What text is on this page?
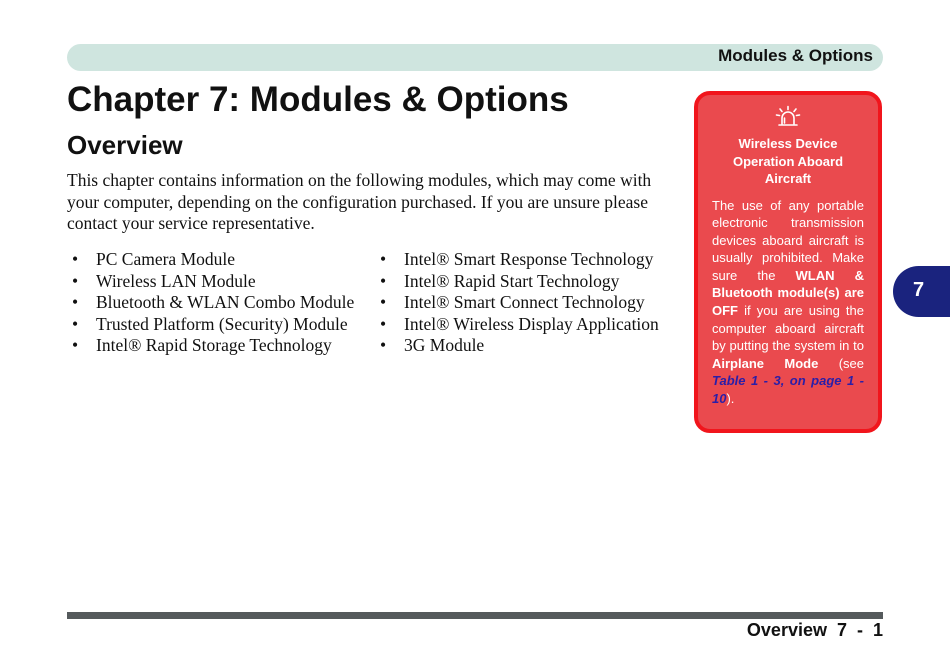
Modules & Options
Chapter 7: Modules & Options
Overview

This chapter contains information on the following modules, which may come with your computer, depending on the configuration purchased. If you are unsure please contact your service representative.

• PC Camera Module
• Wireless LAN Module
• Bluetooth & WLAN Combo Module
• Trusted Platform (Security) Module
• Intel® Rapid Storage Technology
• Intel® Smart Response Technology
• Intel® Rapid Start Technology
• Intel® Smart Connect Technology
• Intel® Wireless Display Application
• 3G Module
Wireless Device Operation Aboard Aircraft

The use of any portable electronic transmission devices aboard aircraft is usually prohibited. Make sure the WLAN & Bluetooth module(s) are OFF if you are using the computer aboard aircraft by putting the system in to Airplane Mode (see Table 1 - 3, on page 1 - 10).

7
Overview  7  -  1
